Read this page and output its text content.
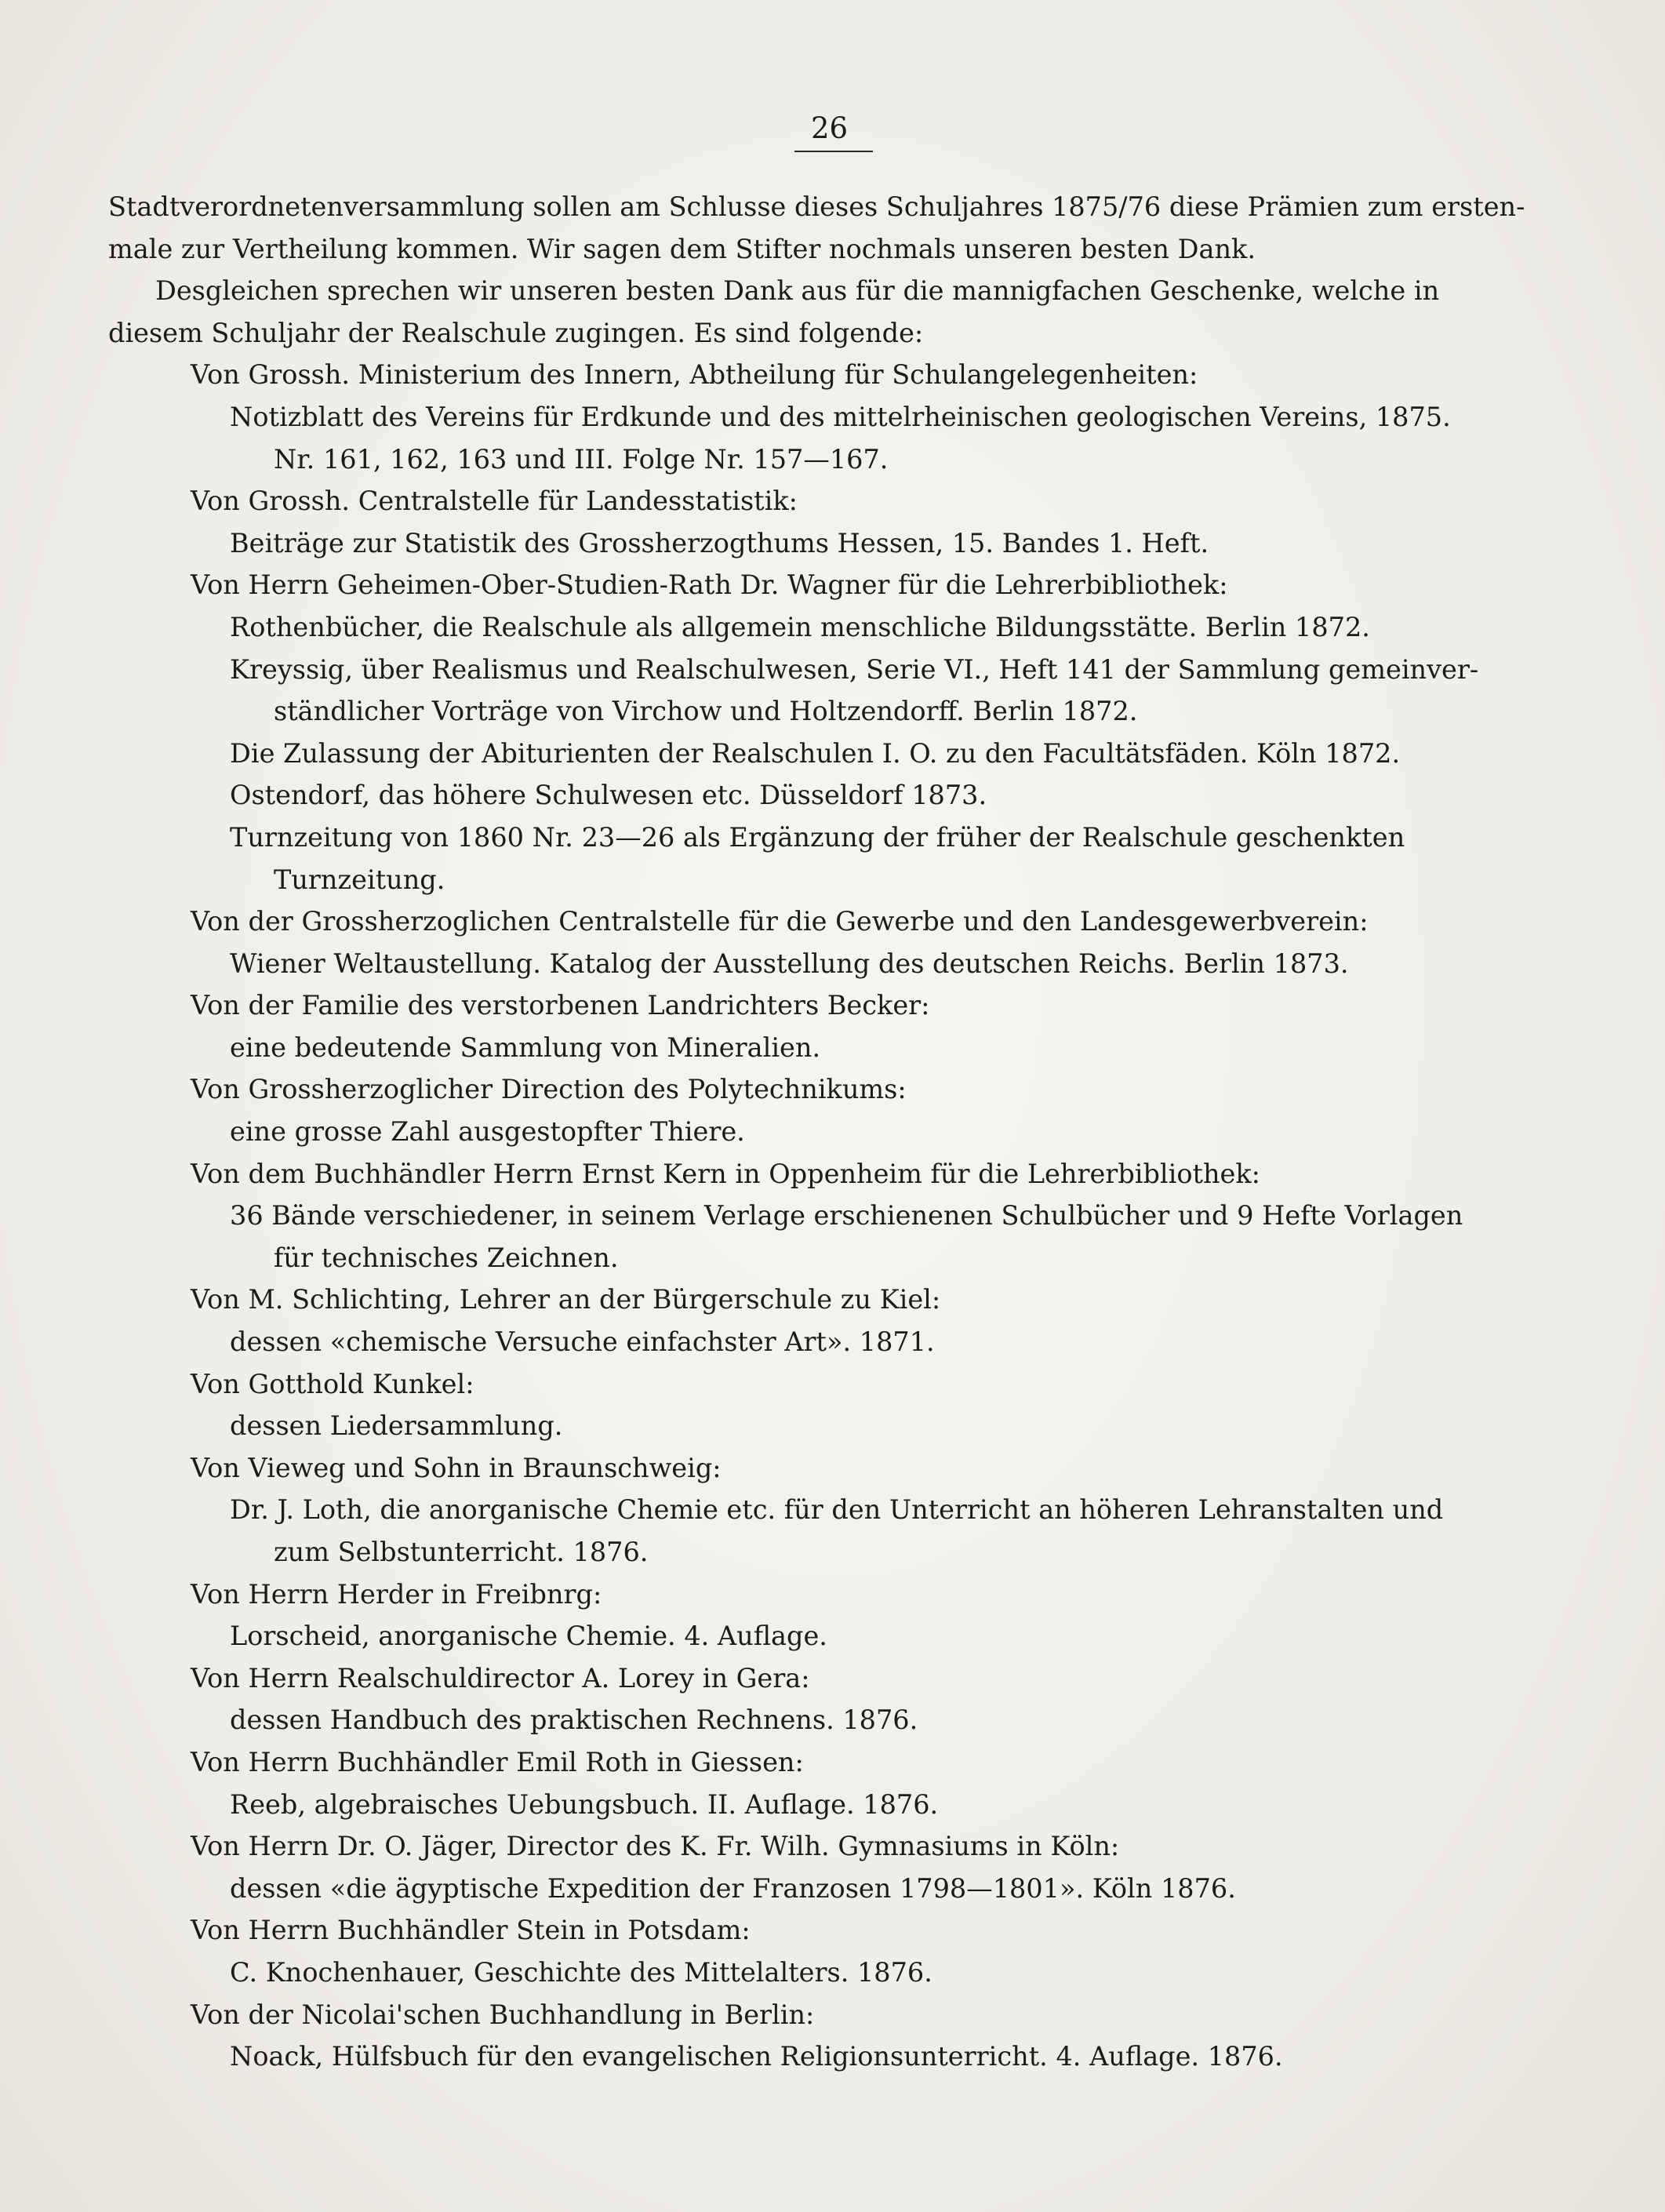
26

Stadtverordnetenversammlung sollen am Schlusse dieses Schuljahres 1875/76 diese Prämien zum ersten-

male zur Vertheilung kommen. Wir sagen dem Stifter nochmals unseren besten Dank.

Desgleichen sprechen wir unseren besten Dank aus für die mannigfachen Geschenke, welche in

diesem Schuljahr der Realschule zugingen. Es sind folgende:

Von Grossh. Ministerium des Innern, Abtheilung für Schulangelegenheiten:

Notizblatt des Vereins für Erdkunde und des mittelrheinischen geologischen Vereins, 1875.
Nr. 161, 162, 163 und III. Folge Nr. 157—167.

Von Grossh. Centralstelle für Landesstatistik:

Beiträge zur Statistik des Grossherzogthums Hessen, 15. Bandes 1. Heft.

Von Herrn Geheimen-Ober-Studien-Rath Dr. Wagner für die Lehrerbibliothek:

Rothenbücher, die Realschule als allgemein menschliche Bildungsstätte. Berlin 1872.

Kreyssig, über Realismus und Realschulwesen, Serie VI., Heft 141 der Sammlung gemeinver-
ständlicher Vorträge von Virchow und Holtzendorff. Berlin 1872.

Die Zulassung der Abiturienten der Realschulen I. O. zu den Facultätsfäden. Köln 1872.

Ostendorf, das höhere Schulwesen etc. Düsseldorf 1873.

Turnzeitung von 1860 Nr. 23—26 als Ergänzung der früher der Realschule geschenkten
Turnzeitung.

Von der Grossherzoglichen Centralstelle für die Gewerbe und den Landesgewerbverein:

Wiener Weltaustellung. Katalog der Ausstellung des deutschen Reichs. Berlin 1873.

Von der Familie des verstorbenen Landrichters Becker:

eine bedeutende Sammlung von Mineralien.

Von Grossherzoglicher Direction des Polytechnikums:

eine grosse Zahl ausgestopfter Thiere.

Von dem Buchhändler Herrn Ernst Kern in Oppenheim für die Lehrerbibliothek:

36 Bände verschiedener, in seinem Verlage erschienenen Schulbücher und 9 Hefte Vorlagen
für technisches Zeichnen.

Von M. Schlichting, Lehrer an der Bürgerschule zu Kiel:

dessen «chemische Versuche einfachster Art». 1871.

Von Gotthold Kunkel:

dessen Liedersammlung.

Von Vieweg und Sohn in Braunschweig:

Dr. J. Loth, die anorganische Chemie etc. für den Unterricht an höheren Lehranstalten und
zum Selbstunterricht. 1876.

Von Herrn Herder in Freibnrg:

Lorscheid, anorganische Chemie. 4. Auflage.

Von Herrn Realschuldirector A. Lorey in Gera:

dessen Handbuch des praktischen Rechnens. 1876.

Von Herrn Buchhändler Emil Roth in Giessen:

Reeb, algebraisches Uebungsbuch. II. Auflage. 1876.

Von Herrn Dr. O. Jäger, Director des K. Fr. Wilh. Gymnasiums in Köln:

dessen «die ägyptische Expedition der Franzosen 1798—1801». Köln 1876.

Von Herrn Buchhändler Stein in Potsdam:

C. Knochenhauer, Geschichte des Mittelalters. 1876.

Von der Nicolai'schen Buchhandlung in Berlin:

Noack, Hülfsbuch für den evangelischen Religionsunterricht. 4. Auflage. 1876.
